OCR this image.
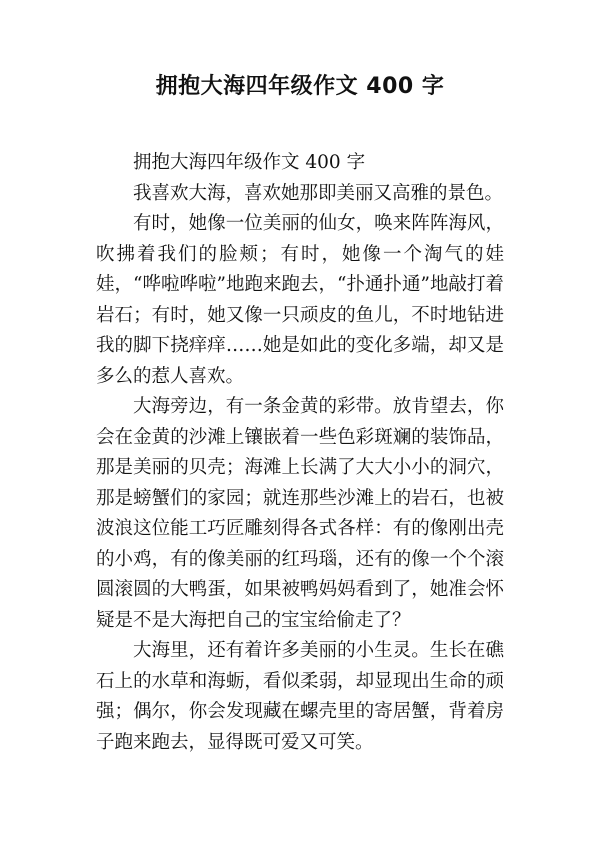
拥抱大海四年级作文 400 字

拥抱大海四年级作文 400 字

我喜欢大海，喜欢她那即美丽又高雅的景色。

有时，她像一位美丽的仙女，唤来阵阵海风，吹拂着我们的脸颊；有时，她像一个淘气的娃娃，“哗啦哗啦”地跑来跑去，“扑通扑通”地敲打着岩石；有时，她又像一只顽皮的鱼儿，不时地钻进我的脚下挠痒痒……她是如此的变化多端，却又是多么的惹人喜欢。

大海旁边，有一条金黄的彩带。放肯望去，你会在金黄的沙滩上镶嵌着一些色彩斑斓的装饰品，那是美丽的贝壳；海滩上长满了大大小小的洞穴，那是螃蟹们的家园；就连那些沙滩上的岩石，也被波浪这位能工巧匠雕刻得各式各样：有的像刚出壳的小鸡，有的像美丽的红玛瑙，还有的像一个个滚圆滚圆的大鸭蛋，如果被鸭妈妈看到了，她准会怀疑是不是大海把自己的宝宝给偷走了？

大海里，还有着许多美丽的小生灵。生长在礁石上的水草和海蛎，看似柔弱，却显现出生命的顽强；偶尔，你会发现藏在螺壳里的寄居蟹，背着房子跑来跑去，显得既可爱又可笑。
